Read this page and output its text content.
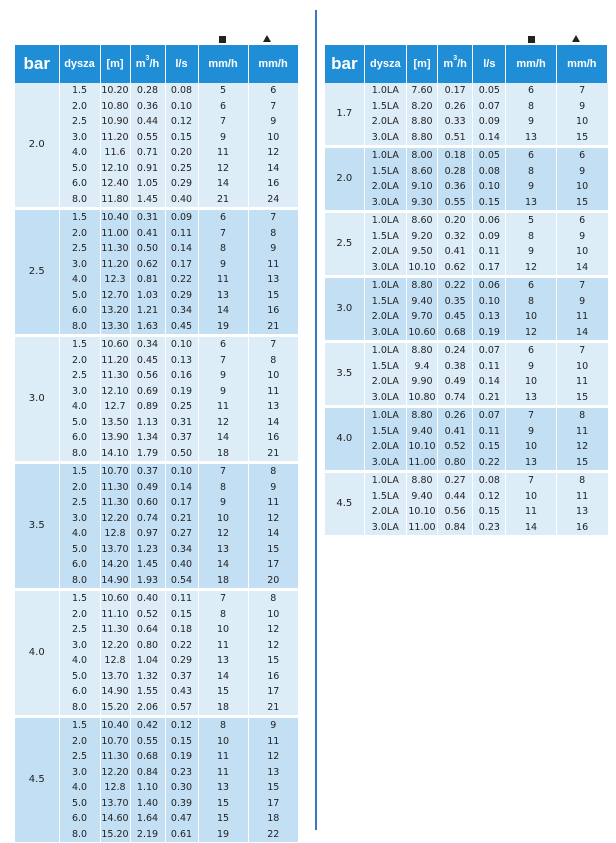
bar	dysza	[m]	$m^3/h$	l/s	mm/h	mm/h
2.0	1.5	10.20	0.28	0.08	5	6
	2.0	10.80	0.36	0.10	6	7
	2.5	10.90	0.44	0.12	7	9
	3.0	11.20	0.55	0.15	9	10
	4.0	11.6	0.71	0.20	11	12
	5.0	12.10	0.91	0.25	12	14
	6.0	12.40	1.05	0.29	14	16
	8.0	11.80	1.45	0.40	21	24

2.5	1.5	10.40	0.31	0.09	6	7
	2.0	11.00	0.41	0.11	7	8
	2.5	11.30	0.50	0.14	8	9
	3.0	11.20	0.62	0.17	9	11
	4.0	12.3	0.81	0.22	11	13
	5.0	12.70	1.03	0.29	13	15
	6.0	13.20	1.21	0.34	14	16
	8.0	13.30	1.63	0.45	19	21

3.0	1.5	10.60	0.34	0.10	6	7
	2.0	11.20	0.45	0.13	7	8
	2.5	11.30	0.56	0.16	9	10
	3.0	12.10	0.69	0.19	9	11
	4.0	12.7	0.89	0.25	11	13
	5.0	13.50	1.13	0.31	12	14
	6.0	13.90	1.34	0.37	14	16
	8.0	14.10	1.79	0.50	18	21

3.5	1.5	10.70	0.37	0.10	7	8
	2.0	11.30	0.49	0.14	8	9
	2.5	11.30	0.60	0.17	9	11
	3.0	12.20	0.74	0.21	10	12
	4.0	12.8	0.97	0.27	12	14
	5.0	13.70	1.23	0.34	13	15
	6.0	14.20	1.45	0.40	14	17
	8.0	14.90	1.93	0.54	18	20

4.0	1.5	10.60	0.40	0.11	7	8
	2.0	11.10	0.52	0.15	8	10
	2.5	11.30	0.64	0.18	10	12
	3.0	12.20	0.80	0.22	11	12
	4.0	12.8	1.04	0.29	13	15
	5.0	13.70	1.32	0.37	14	16
	6.0	14.90	1.55	0.43	15	17
	8.0	15.20	2.06	0.57	18	21

4.5	1.5	10.40	0.42	0.12	8	9
	2.0	10.70	0.55	0.15	10	11
	2.5	11.30	0.68	0.19	11	12
	3.0	12.20	0.84	0.23	11	13
	4.0	12.8	1.10	0.30	13	15
	5.0	13.70	1.40	0.39	15	17
	6.0	14.60	1.64	0.47	15	18
	8.0	15.20	2.19	0.61	19	22
bar	dysza	[m]	$m^3/h$	l/s	mm/h	mm/h
1.7	1.0LA	7.60	0.17	0.05	6	7
	1.5LA	8.20	0.26	0.07	8	9
	2.0LA	8.80	0.33	0.09	9	10
	3.0LA	8.80	0.51	0.14	13	15

2.0	1.0LA	8.00	0.18	0.05	6	6
	1.5LA	8.60	0.28	0.08	8	9
	2.0LA	9.10	0.36	0.10	9	10
	3.0LA	9.30	0.55	0.15	13	15

2.5	1.0LA	8.60	0.20	0.06	5	6
	1.5LA	9.20	0.32	0.09	8	9
	2.0LA	9.50	0.41	0.11	9	10
	3.0LA	10.10	0.62	0.17	12	14

3.0	1.0LA	8.80	0.22	0.06	6	7
	1.5LA	9.40	0.35	0.10	8	9
	2.0LA	9.70	0.45	0.13	10	11
	3.0LA	10.60	0.68	0.19	12	14

3.5	1.0LA	8.80	0.24	0.07	6	7
	1.5LA	9.4	0.38	0.11	9	10
	2.0LA	9.90	0.49	0.14	10	11
	3.0LA	10.80	0.74	0.21	13	15

4.0	1.0LA	8.80	0.26	0.07	7	8
	1.5LA	9.40	0.41	0.11	9	11
	2.0LA	10.10	0.52	0.15	10	12
	3.0LA	11.00	0.80	0.22	13	15

4.5	1.0LA	8.80	0.27	0.08	7	8
	1.5LA	9.40	0.44	0.12	10	11
	2.0LA	10.10	0.56	0.15	11	13
	3.0LA	11.00	0.84	0.23	14	16
